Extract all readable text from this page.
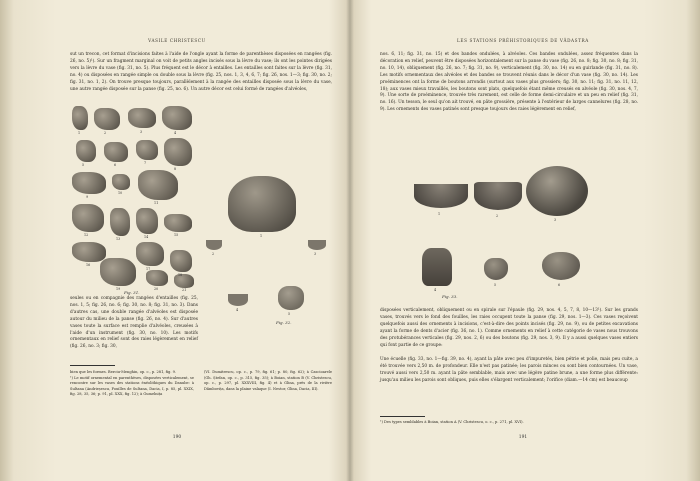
VASILE CHRISTESCU
sut un trecon, cet format d'incisions faites à l'aide de l'ongle ayant la forme de parenthèses disposées en rangées (fig. 26, no. 5)¹). Sur un fragment marginal on voit de petits angles incisés sous la lèvre du vase; ils ont les pointes dirigées vers la lèvre du vase (fig. 31, no. 5). Plus fréquent est le décor à entailles. Les entailles sont faites sur la lèvre (fig. 31, no. 4) ou disposées en rangée simple ou double sous la lèvre (fig. 25, nos. 1, 3, 4, 6, 7; fig. 26, nos. 1—3; fig. 30, no. 2; fig. 31, no. 1, 2). On trouve presque toujours, parallèlement à la rangée des entailles disposée sous la lèvre du vase, une autre rangée disposée sur la panse (fig. 25, no. 6). Un autre décor est celui formé de rangées d'alvéoles,
Fig. 31.
1	2	3	4
5	6	7
8
9
10
11
12
13	14	15
16
17
18
19	20	21
Fig. 32.
1
2	3
4
5
seules ou en compagnie des rangées d'entailles (fig. 25, nos. 1, 5; fig. 26, no. 6; fig. 30, no. 8; fig. 31, no. 3). Dans d'autres cas, une double rangée d'alvéoles est disposée autour du milieu de la panse (fig. 26, no. 4). Sur d'autres vases toute la surface est remplie d'alvéoles, creusées à l'aide d'un instrument (fig. 30, no. 10). Les motifs ornementaux en relief sont des raies légèrement en relief (fig. 26, no. 3; fig. 30,
bien que les formes. Berciu-Menghin, op. c., p. 281, fig. 9.
¹) Le motif ornemental en parenthèses, disposées verticalement, se rencontre sur les vases des stations énéolithiques du Danube: à Sultana (Andrieșescu, Fouilles de Sultana, Dacia, I, p. 85, pl. XXIX, fig. 28, 35, 36; p. 91, pl. XXX, fig. 12); à Gumelnița
(VI. Dumitrescu, op. c., p. 79, fig. 61; p. 80, fig. 62); à Cascioarele (Gh. Ștefan, op. c., p. 315, fig. 35); à Boian, station B (V. Christescu, op. c., p. 297, pl. XXXVIII, fig. 4) et à Glina, près de la rivière Dâmbovița, dans la plaine valaque (I. Nestor, Glina, Dacia, III).
190
LES STATIONS PRÉHISTORIQUES DE VĂDASTRA
nos. 6, 11; fig. 31, no. 15) et des bandes ondulées, à alvéoles. Ces bandes ondulées, assez fréquentes dans la décoration en relief, peuvent être disposées horizontalement sur la panse du vase (fig. 26, no. 8; fig. 30, no. 8; fig. 31, no. 10, 14), obliquement (fig. 26, no. 7; fig. 31, no. 9), verticalement (fig. 30, no. 14) ou en guirlande (fig. 31, no. 8). Les motifs ornementaux des alvéoles et des bandes se trouvent réunis dans le décor d'un vase (fig. 30, no. 14). Les proéminences ont la forme de boutons arrondis (surtout aux vases plus grossiers; fig. 30, no. 11; fig. 31, no. 11, 12, 18); aux vases mieux travaillés, les boutons sont plats, quelquefois étant même creusés en alvéole (fig. 30, nos. 4, 7, 9). Une sorte de proéminence, trouvée très rarement, est celle de forme demi-circulaire et un peu en relief (fig. 31, no. 16). Un tesson, le seul qu'on ait trouvé, en pâte grossière, présente à l'extérieur de larges cannelures (fig. 28, no. 9). Les ornements des vases patinés sont presque toujours des raies légèrement en relief,
Fig. 33.
1	2
3
4
5	6
disposées verticalement, obliquement ou en spirale sur l'épaule (fig. 29, nos. 4, 5, 7, 8, 10—13¹). Sur les grands vases, trouvés vers le fond des fouilles, les raies occupent toute la panse (fig. 29, nos. 1—3). Ces vases reçoivent quelquefois aussi des ornements à incisions, c'est-à-dire des points incisés (fig. 29, no. 9), ou de petites excavations ayant la forme de dents d'acier (fig. 36, no. 1). Comme ornements en relief à cette catégorie de vases nous trouvons des protubérances verticales (fig. 29, nos. 2, 6) ou des boutons (fig. 29, nos. 3, 9). Il y a aussi quelques vases entiers qui font partie de ce groupe:
Une écuelle (fig. 33, no. 1—fig. 39, no. 4), ayant la pâte avec peu d'impuretés, bien pétrie et polie, mais peu cuite, a été trouvée vers 2,50 m. de profondeur. Elle n'est pas patinée; les parois minces ou sont bien contournées. Un vase, trouvé aussi vers 2,50 m. ayant la pâte semblable, mais avec une légère patine brune, a une forme plus différente: jusqu'au milieu les parois sont obliques, puis elles s'élargent verticalement; l'orifice (diam.—14 cm) est beaucoup
¹) Des types semblables à Boian, station A (V. Christescu, o. c., p. 271, pl. XVI).
191
